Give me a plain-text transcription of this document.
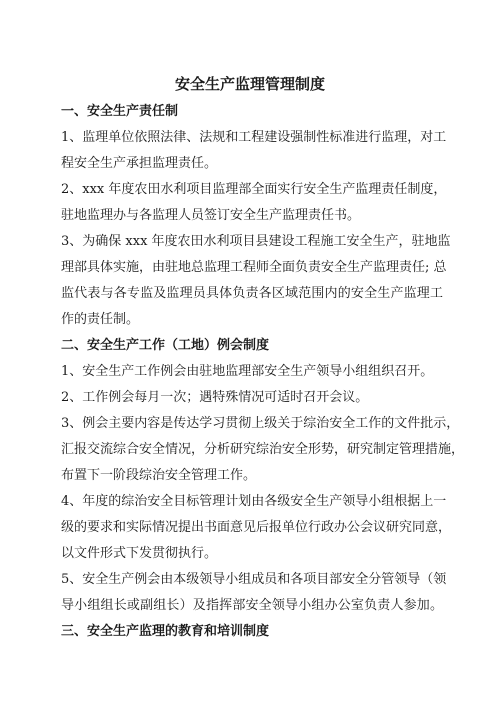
安全生产监理管理制度
一、安全生产责任制
1、监理单位依照法律、法规和工程建设强制性标准进行监理，对工
程安全生产承担监理责任。
2、xxx 年度农田水利项目监理部全面实行安全生产监理责任制度，
驻地监理办与各监理人员签订安全生产监理责任书。
3、为确保 xxx 年度农田水利项目县建设工程施工安全生产，驻地监
理部具体实施，由驻地总监理工程师全面负责安全生产监理责任; 总
监代表与各专监及监理员具体负责各区域范围内的安全生产监理工
作的责任制。
二、安全生产工作（工地）例会制度
1、安全生产工作例会由驻地监理部安全生产领导小组组织召开。
2、工作例会每月一次；遇特殊情况可适时召开会议。
3、例会主要内容是传达学习贯彻上级关于综治安全工作的文件批示，
汇报交流综合安全情况，分析研究综治安全形势，研究制定管理措施，
布置下一阶段综治安全管理工作。
4、年度的综治安全目标管理计划由各级安全生产领导小组根据上一
级的要求和实际情况提出书面意见后报单位行政办公会议研究同意，
以文件形式下发贯彻执行。
5、安全生产例会由本级领导小组成员和各项目部安全分管领导（领
导小组组长或副组长）及指挥部安全领导小组办公室负责人参加。
三、安全生产监理的教育和培训制度
